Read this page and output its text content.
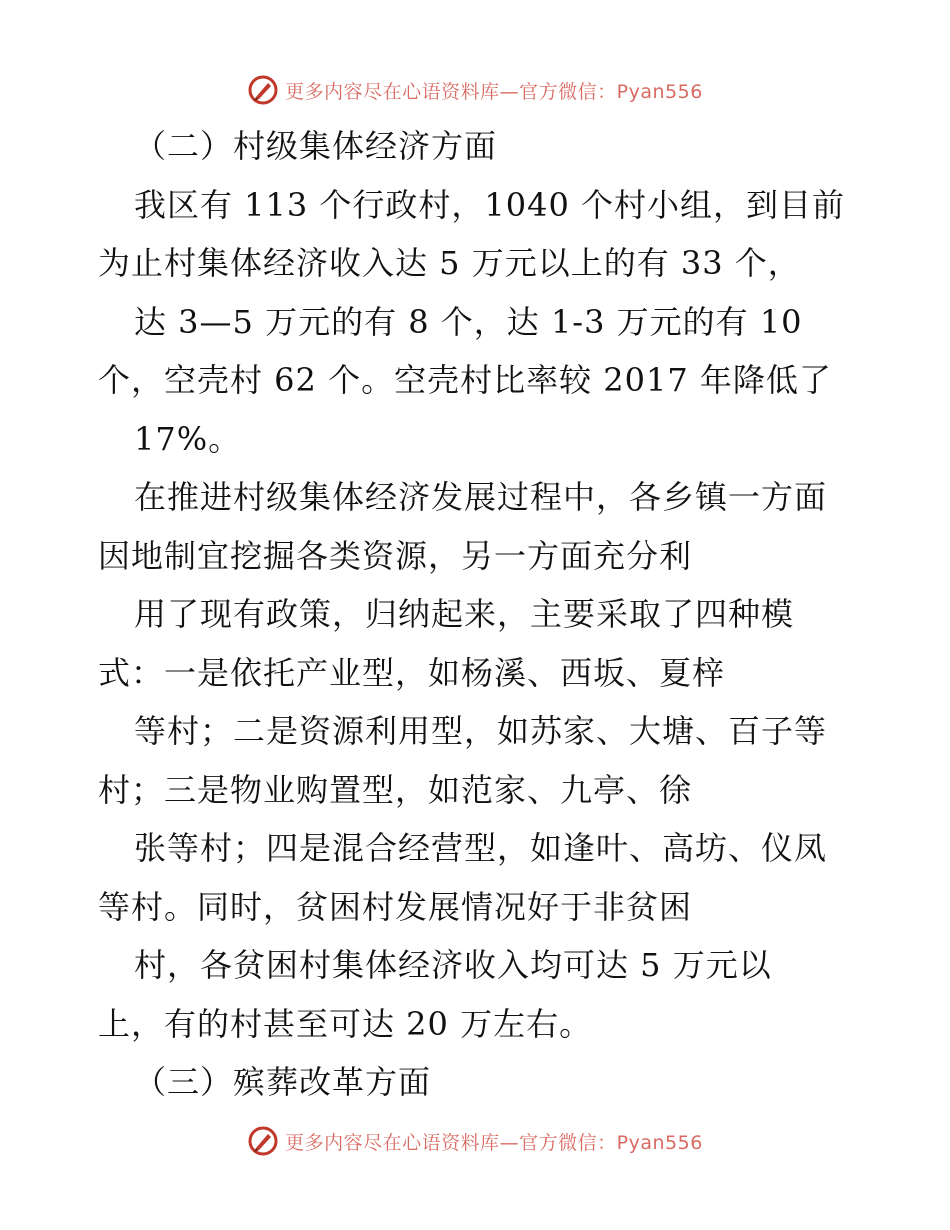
更多内容尽在心语资料库—官方微信：Pyan556
（二）村级集体经济方面
我区有 113 个行政村，1040 个村小组，到目前
为止村集体经济收入达 5 万元以上的有 33 个，
达 3—5 万元的有 8 个，达 1-3 万元的有 10
个，空壳村 62 个。空壳村比率较 2017 年降低了
17%。
在推进村级集体经济发展过程中，各乡镇一方面
因地制宜挖掘各类资源，另一方面充分利
用了现有政策，归纳起来，主要采取了四种模
式：一是依托产业型，如杨溪、西坂、夏梓
等村；二是资源利用型，如苏家、大塘、百子等
村；三是物业购置型，如范家、九亭、徐
张等村；四是混合经营型，如逢叶、高坊、仪凤
等村。同时，贫困村发展情况好于非贫困
村，各贫困村集体经济收入均可达 5 万元以
上，有的村甚至可达 20 万左右。
（三）殡葬改革方面
更多内容尽在心语资料库—官方微信：Pyan556
